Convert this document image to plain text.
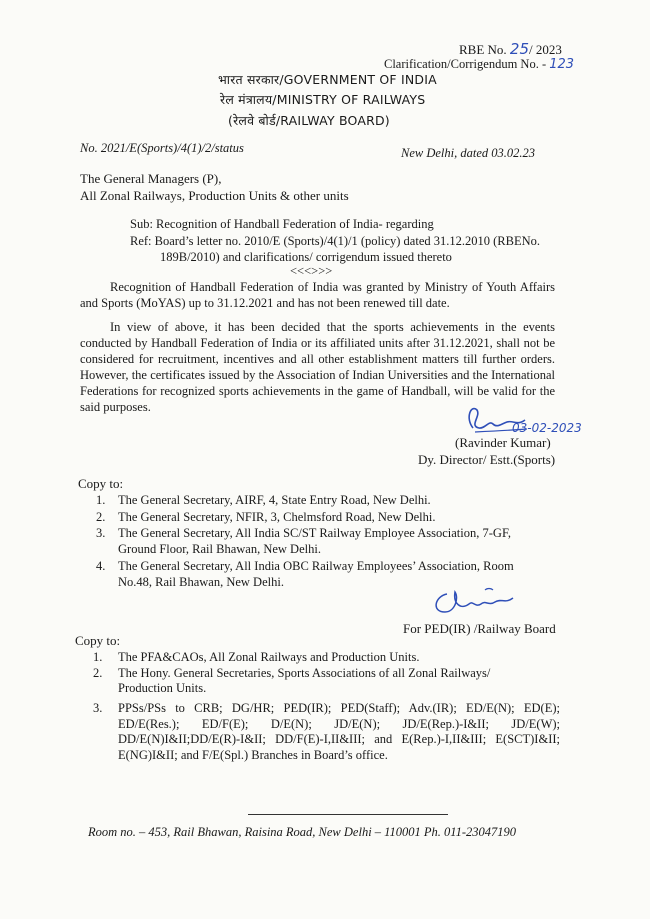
RBE No. 25/ 2023
Clarification/Corrigendum No. - 123
भारत सरकार/GOVERNMENT OF INDIA
रेल मंत्रालय/MINISTRY OF RAILWAYS
(रेलवे बोर्ड/RAILWAY BOARD)
No. 2021/E(Sports)/4(1)/2/status	New Delhi, dated 03.02.23
The General Managers (P),
All Zonal Railways, Production Units & other units
Sub: Recognition of Handball Federation of India- regarding
Ref: Board’s letter no. 2010/E (Sports)/4(1)/1 (policy) dated 31.12.2010 (RBENo.
189B/2010) and clarifications/ corrigendum issued thereto
<<<>>>
Recognition of Handball Federation of India was granted by Ministry of Youth Affairs and Sports (MoYAS) up to 31.12.2021 and has not been renewed till date.
In view of above, it has been decided that the sports achievements in the events conducted by Handball Federation of India or its affiliated units after 31.12.2021, shall not be considered for recruitment, incentives and all other establishment matters till further orders. However, the certificates issued by the Association of Indian Universities and the International Federations for recognized sports achievements in the game of Handball, will be valid for the said purposes.
03-02-2023
(Ravinder Kumar)
Dy. Director/ Estt.(Sports)
Copy to:
1. The General Secretary, AIRF, 4, State Entry Road, New Delhi.
2. The General Secretary, NFIR, 3, Chelmsford Road, New Delhi.
3. The General Secretary, All India SC/ST Railway Employee Association, 7-GF,
Ground Floor, Rail Bhawan, New Delhi.
4. The General Secretary, All India OBC Railway Employees’ Association, Room
No.48, Rail Bhawan, New Delhi.
For PED(IR) /Railway Board
Copy to:
1. The PFA&CAOs, All Zonal Railways and Production Units.
2. The Hony. General Secretaries, Sports Associations of all Zonal Railways/
Production Units.
3. PPSs/PSs to CRB; DG/HR; PED(IR); PED(Staff); Adv.(IR); ED/E(N); ED(E); ED/E(Res.); ED/F(E); D/E(N); JD/E(N); JD/E(Rep.)-I&II; JD/E(W); DD/E(N)I&II;DD/E(R)-I&II; DD/F(E)-I,II&III; and E(Rep.)-I,II&III; E(SCT)I&II; E(NG)I&II; and F/E(Spl.) Branches in Board’s office.
Room no. – 453, Rail Bhawan, Raisina Road, New Delhi – 110001 Ph. 011-23047190
